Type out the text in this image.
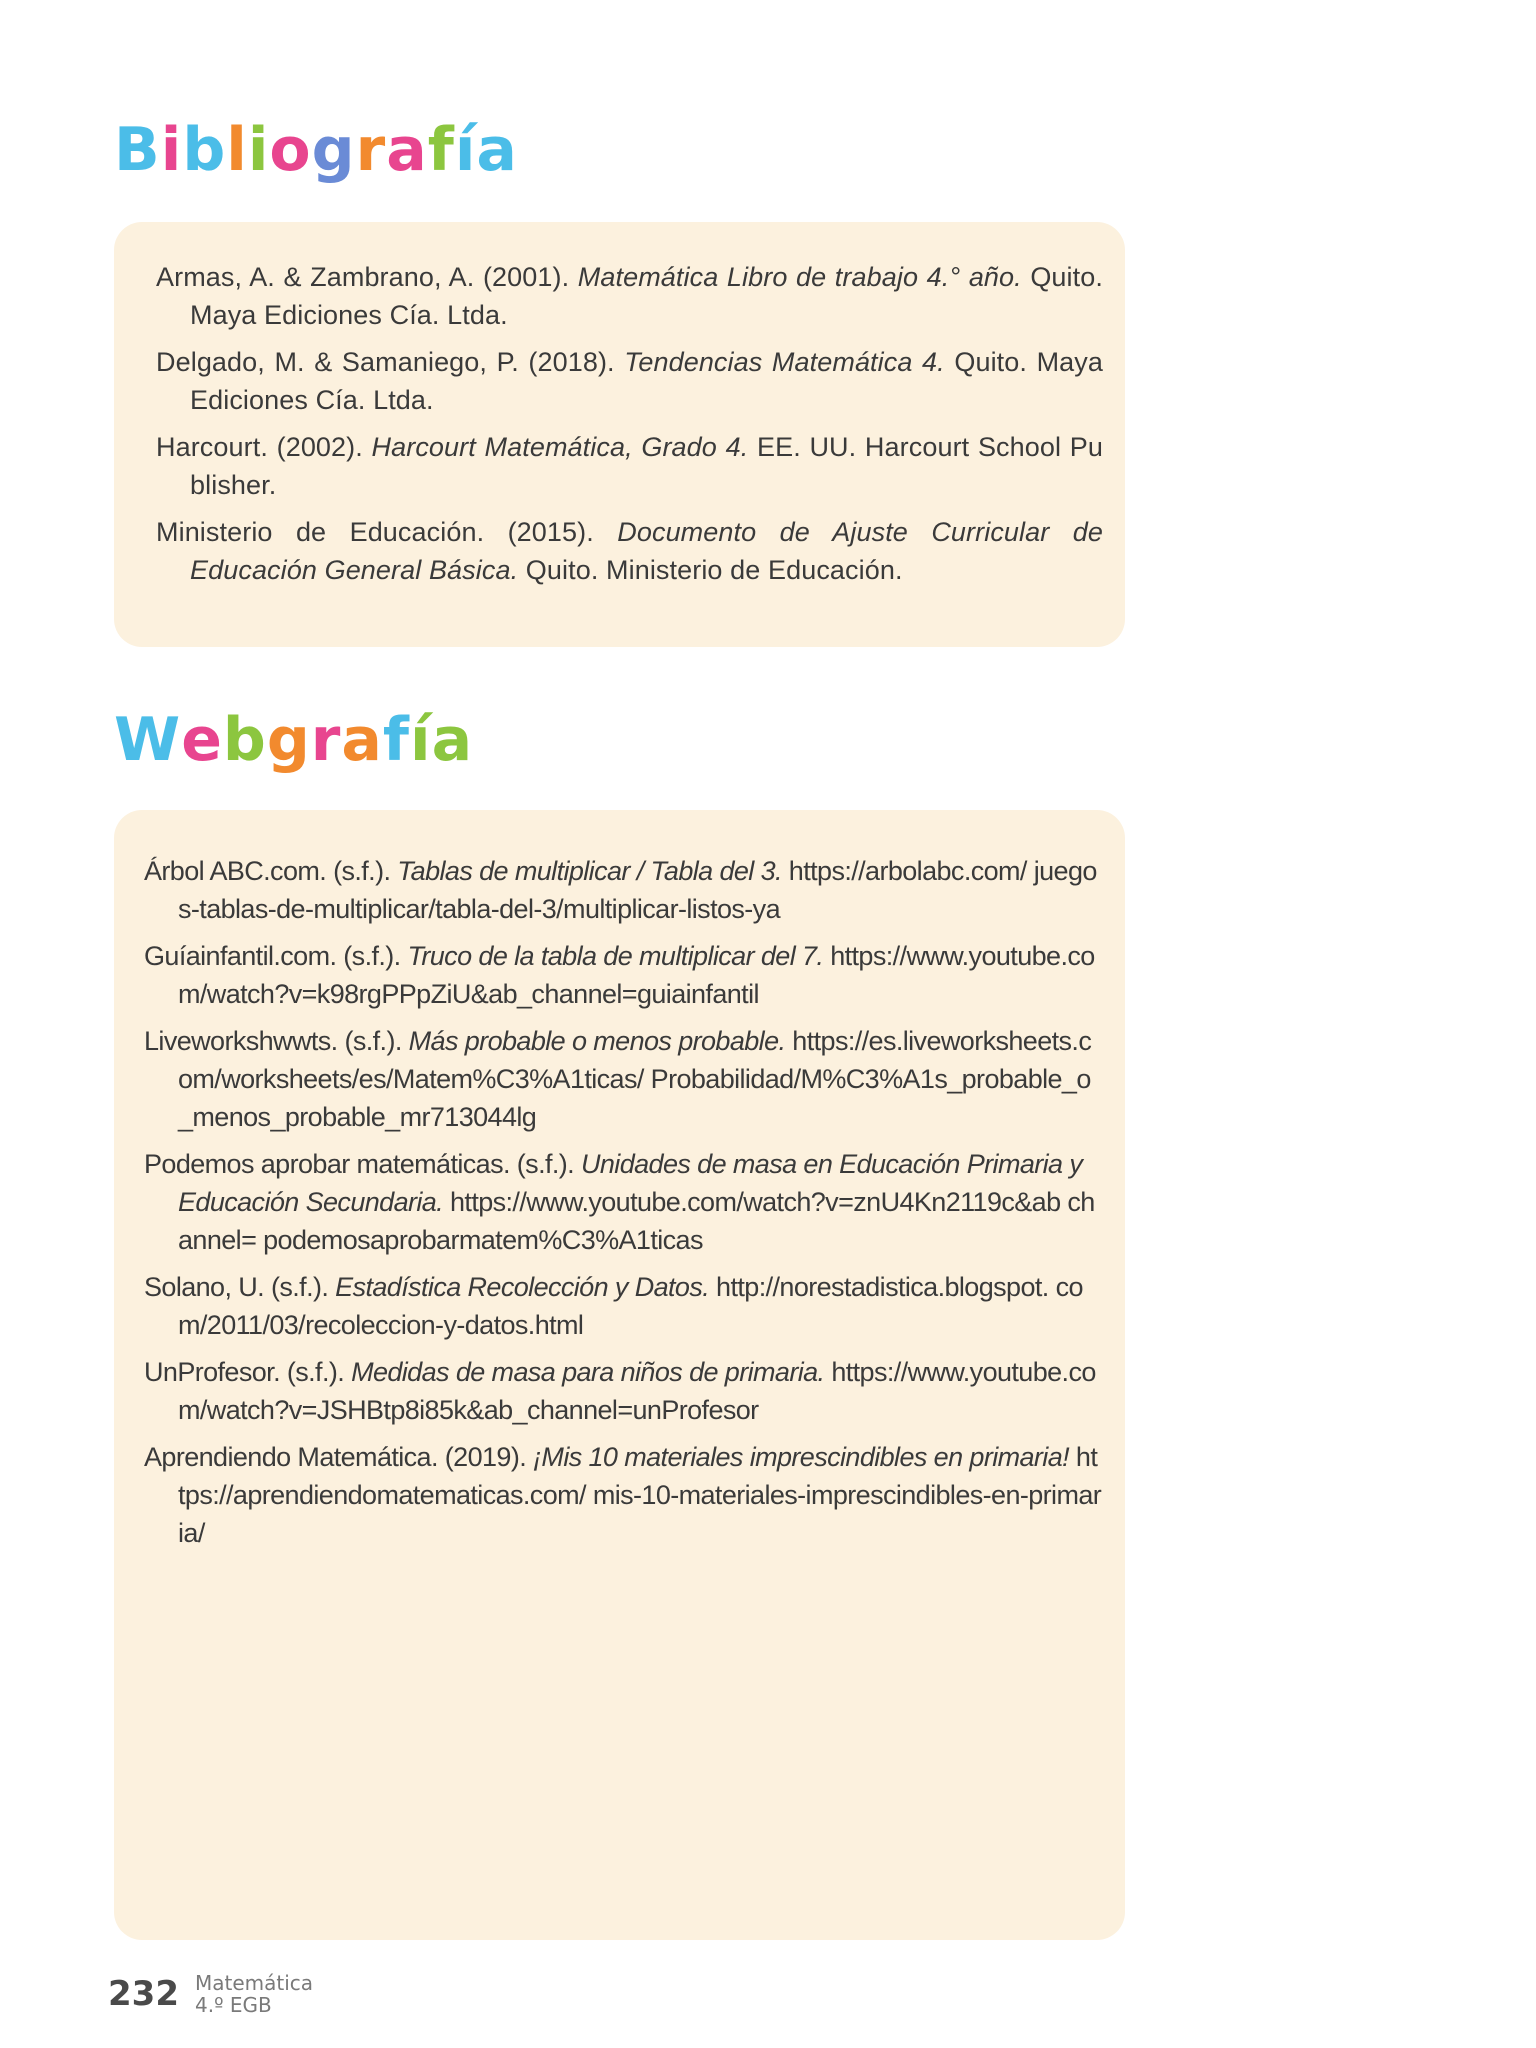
Bibliografía

Armas, A. & Zambrano, A. (2001). Matemática Libro de trabajo 4.° año. Quito. Maya Ediciones Cía. Ltda.

Delgado, M. & Samaniego, P. (2018). Tendencias Matemática 4. Quito. Maya Ediciones Cía. Ltda.

Harcourt. (2002). Harcourt Matemática, Grado 4. EE. UU. Harcourt School Publisher.

Ministerio de Educación. (2015). Documento de Ajuste Curricular de Educación General Básica. Quito. Ministerio de Educación.

Webgrafía

Árbol ABC.com. (s.f.). Tablas de multiplicar / Tabla del 3. https://arbolabc.com/ juegos-tablas-de-multiplicar/tabla-del-3/multiplicar-listos-ya

Guíainfantil.com. (s.f.). Truco de la tabla de multiplicar del 7. https://www.youtube.com/watch?v=k98rgPPpZiU&ab_channel=guiainfantil

Liveworkshwwts. (s.f.). Más probable o menos probable. https://es.liveworksheets.com/worksheets/es/Matem%C3%A1ticas/ Probabilidad/M%C3%A1s_probable_o_menos_probable_mr713044lg

Podemos aprobar matemáticas. (s.f.). Unidades de masa en Educación Primaria y Educación Secundaria. https://www.youtube.com/watch?v=znU4Kn2119c&ab channel= podemosaprobarmatem%C3%A1ticas

Solano, U. (s.f.). Estadística Recolección y Datos. http://norestadistica.blogspot. com/2011/03/recoleccion-y-datos.html

UnProfesor. (s.f.). Medidas de masa para niños de primaria. https://www.youtube.com/watch?v=JSHBtp8i85k&ab_channel=unProfesor

Aprendiendo Matemática. (2019). ¡Mis 10 materiales imprescindibles en primaria! https://aprendiendomatematicas.com/ mis-10-materiales-imprescindibles-en-primaria/

232 Matemática
4.º EGB
